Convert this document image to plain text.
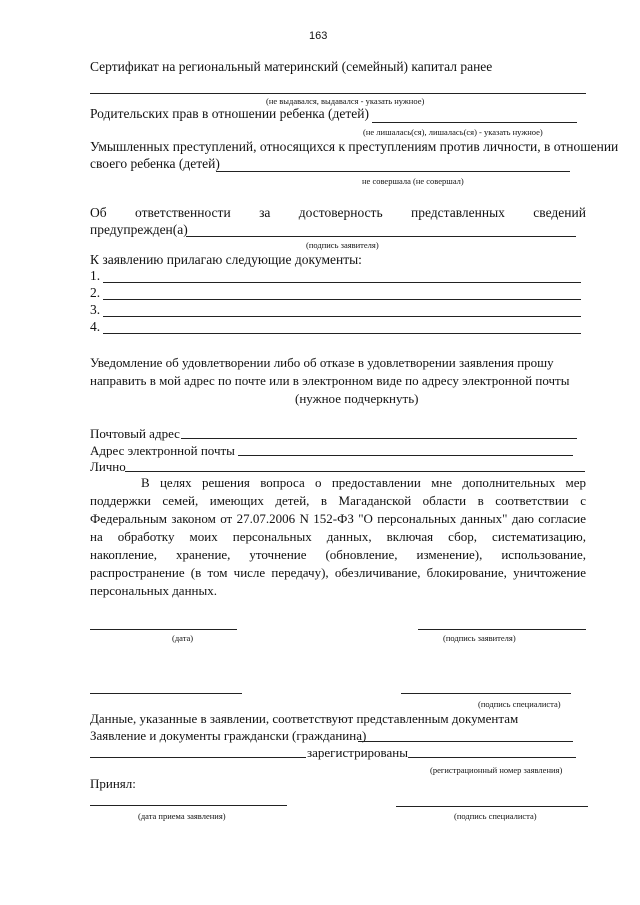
163
Сертификат на региональный материнский (семейный) капитал ранее
(не выдавался, выдавался - указать нужное)
Родительских прав в отношении ребенка (детей)
(не лишалась(ся), лишалась(ся) - указать нужное)
Умышленных преступлений, относящихся к преступлениям против личности, в отношении
своего ребенка (детей)
не совершала (не совершал)
Об ответственности за достоверность представленных сведений
предупрежден(а)
(подпись заявителя)
К заявлению прилагаю следующие документы:
1.
2.
3.
4.
Уведомление об удовлетворении либо об отказе в удовлетворении заявления прошу
направить в мой адрес по почте или в электронном виде по адресу электронной почты
(нужное подчеркнуть)
Почтовый адрес
Адрес электронной почты
Лично
В целях решения вопроса о предоставлении мне дополнительных мер
поддержки семей, имеющих детей, в Магаданской области в соответствии с
Федеральным законом от 27.07.2006 N 152-ФЗ "О персональных данных" даю согласие
на обработку моих персональных данных, включая сбор, систематизацию,
накопление, хранение, уточнение (обновление, изменение), использование,
распространение (в том числе передачу), обезличивание, блокирование, уничтожение
персональных данных.
(дата)	(подпись заявителя)
(подпись специалиста)
Данные, указанные в заявлении, соответствуют представленным документам
Заявление и документы граждански (гражданина)
зарегистрированы
(регистрационный номер заявления)
Принял:
(дата приема заявления)	(подпись специалиста)
